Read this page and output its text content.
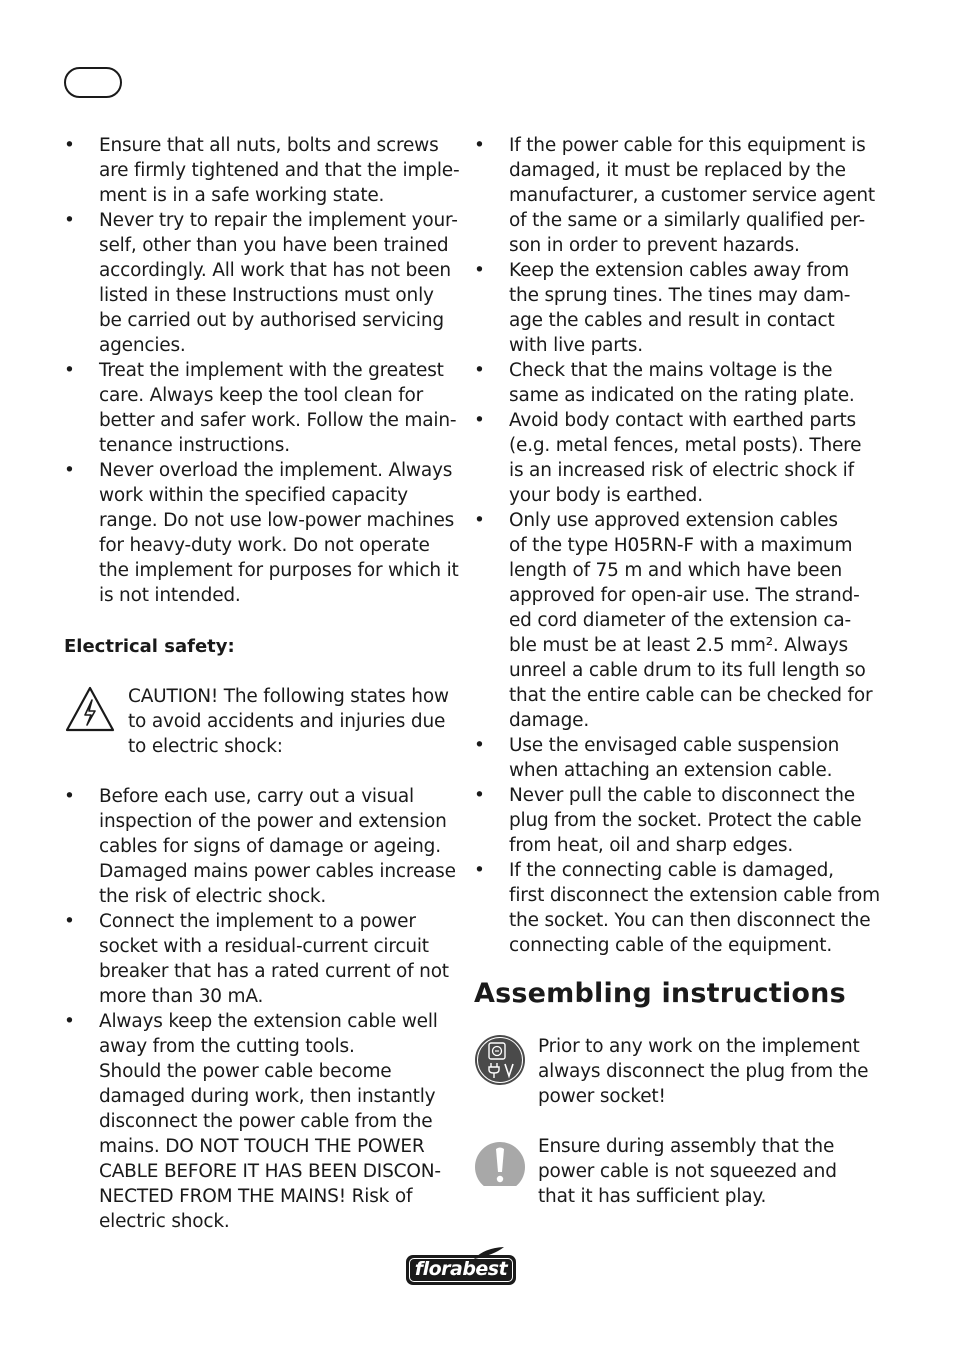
•	Ensure that all nuts, bolts and screws
are firmly tightened and that the imple-
ment is in a safe working state.
•	Never try to repair the implement your-
self, other than you have been trained
accordingly. All work that has not been
listed in these Instructions must only
be carried out by authorised servicing
agencies.
•	Treat the implement with the greatest
care. Always keep the tool clean for
better and safer work. Follow the main-
tenance instructions.
•	Never overload the implement. Always
work within the specified capacity
range. Do not use low-power machines
for heavy-duty work. Do not operate
the implement for purposes for which it
is not intended.
Electrical safety:
CAUTION! The following states how
to avoid accidents and injuries due
to electric shock:
•	Before each use, carry out a visual
inspection of the power and extension
cables for signs of damage or ageing.
Damaged mains power cables increase
the risk of electric shock.
•	Connect the implement to a power
socket with a residual-current circuit
breaker that has a rated current of not
more than 30 mA.
•	Always keep the extension cable well
away from the cutting tools.
Should the power cable become
damaged during work, then instantly
disconnect the power cable from the
mains. DO NOT TOUCH THE POWER
CABLE BEFORE IT HAS BEEN DISCON-
NECTED FROM THE MAINS! Risk of
electric shock.
•	If the power cable for this equipment is
damaged, it must be replaced by the
manufacturer, a customer service agent
of the same or a similarly qualified per-
son in order to prevent hazards.
•	Keep the extension cables away from
the sprung tines. The tines may dam-
age the cables and result in contact
with live parts.
•	Check that the mains voltage is the
same as indicated on the rating plate.
•	Avoid body contact with earthed parts
(e.g. metal fences, metal posts). There
is an increased risk of electric shock if
your body is earthed.
•	Only use approved extension cables
of the type H05RN-F with a maximum
length of 75 m and which have been
approved for open-air use. The strand-
ed cord diameter of the extension ca-
ble must be at least 2.5 mm². Always
unreel a cable drum to its full length so
that the entire cable can be checked for
damage.
•	Use the envisaged cable suspension
when attaching an extension cable.
•	Never pull the cable to disconnect the
plug from the socket. Protect the cable
from heat, oil and sharp edges.
•	If the connecting cable is damaged,
first disconnect the extension cable from
the socket. You can then disconnect the
connecting cable of the equipment.
Assembling instructions
Prior to any work on the implement
always disconnect the plug from the
power socket!
Ensure during assembly that the
power cable is not squeezed and
that it has sufficient play.
florabest
